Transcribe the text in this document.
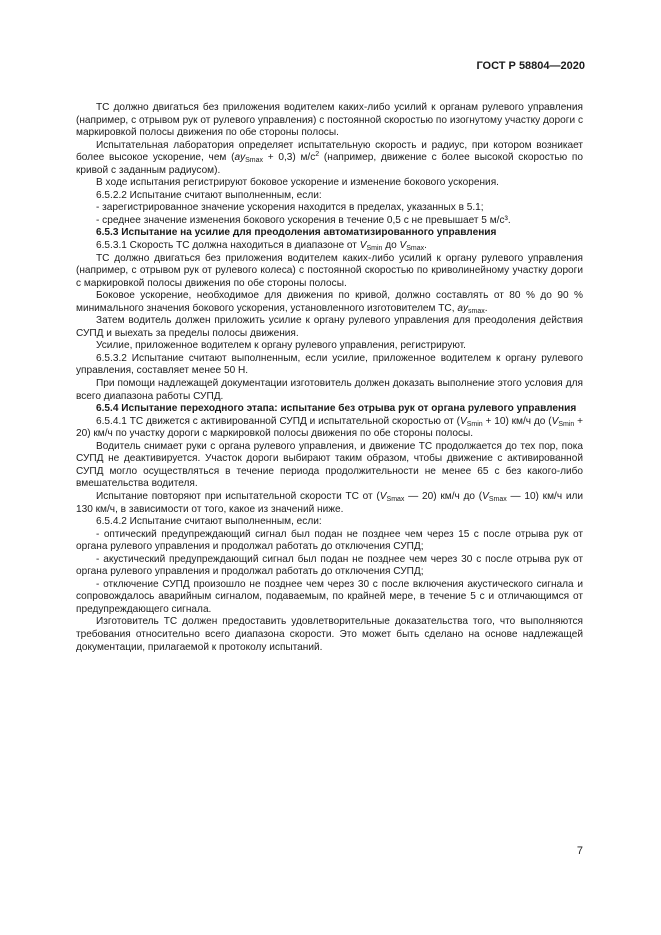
ГОСТ Р 58804—2020

ТС должно двигаться без приложения водителем каких-либо усилий к органам рулевого управления (например, с отрывом рук от рулевого управления) с постоянной скоростью по изогнутому участку дороги с маркировкой полосы движения по обе стороны полосы.

Испытательная лаборатория определяет испытательную скорость и радиус, при котором возникает более высокое ускорение, чем $(ay_{Smax} + 0,3)$ $м/с^2$ (например, движение с более высокой скоростью по кривой с заданным радиусом).

В ходе испытания регистрируют боковое ускорение и изменение бокового ускорения.

6.5.2.2 Испытание считают выполненным, если:

- зарегистрированное значение ускорения находится в пределах, указанных в 5.1;

- среднее значение изменения бокового ускорения в течение 0,5 с не превышает 5 м/с³.

6.5.3 Испытание на усилие для преодоления автоматизированного управления

6.5.3.1 Скорость ТС должна находиться в диапазоне от $V_{Smin}$ до $V_{Smax}$.

ТС должно двигаться без приложения водителем каких-либо усилий к органу рулевого управления (например, с отрывом рук от рулевого колеса) с постоянной скоростью по криволинейному участку дороги с маркировкой полосы движения по обе стороны полосы.

Боковое ускорение, необходимое для движения по кривой, должно составлять от 80 % до 90 % минимального значения бокового ускорения, установленного изготовителем ТС, $ay_{smax}$.

Затем водитель должен приложить усилие к органу рулевого управления для преодоления действия СУПД и выехать за пределы полосы движения.

Усилие, приложенное водителем к органу рулевого управления, регистрируют.

6.5.3.2 Испытание считают выполненным, если усилие, приложенное водителем к органу рулевого управления, составляет менее 50 Н.

При помощи надлежащей документации изготовитель должен доказать выполнение этого условия для всего диапазона работы СУПД.

6.5.4 Испытание переходного этапа: испытание без отрыва рук от органа рулевого управления

6.5.4.1 ТС движется с активированной СУПД и испытательной скоростью от $(V_{Smin} + 10)$ км/ч до $(V_{Smin} + 20)$ км/ч по участку дороги с маркировкой полосы движения по обе стороны полосы.

Водитель снимает руки с органа рулевого управления, и движение ТС продолжается до тех пор, пока СУПД не деактивируется. Участок дороги выбирают таким образом, чтобы движение с активированной СУПД могло осуществляться в течение периода продолжительности не менее 65 с без какого-либо вмешательства водителя.

Испытание повторяют при испытательной скорости ТС от ($V_{Smax}$ — 20) км/ч до ($V_{Smax}$ — 10) км/ч или 130 км/ч, в зависимости от того, какое из значений ниже.

6.5.4.2 Испытание считают выполненным, если:

- оптический предупреждающий сигнал был подан не позднее чем через 15 с после отрыва рук от органа рулевого управления и продолжал работать до отключения СУПД;

- акустический предупреждающий сигнал был подан не позднее чем через 30 с после отрыва рук от органа рулевого управления и продолжал работать до отключения СУПД;

- отключение СУПД произошло не позднее чем через 30 с после включения акустического сигнала и сопровождалось аварийным сигналом, подаваемым, по крайней мере, в течение 5 с и отличающимся от предупреждающего сигнала.

Изготовитель ТС должен предоставить удовлетворительные доказательства того, что выполняются требования относительно всего диапазона скорости. Это может быть сделано на основе надлежащей документации, прилагаемой к протоколу испытаний.

7
